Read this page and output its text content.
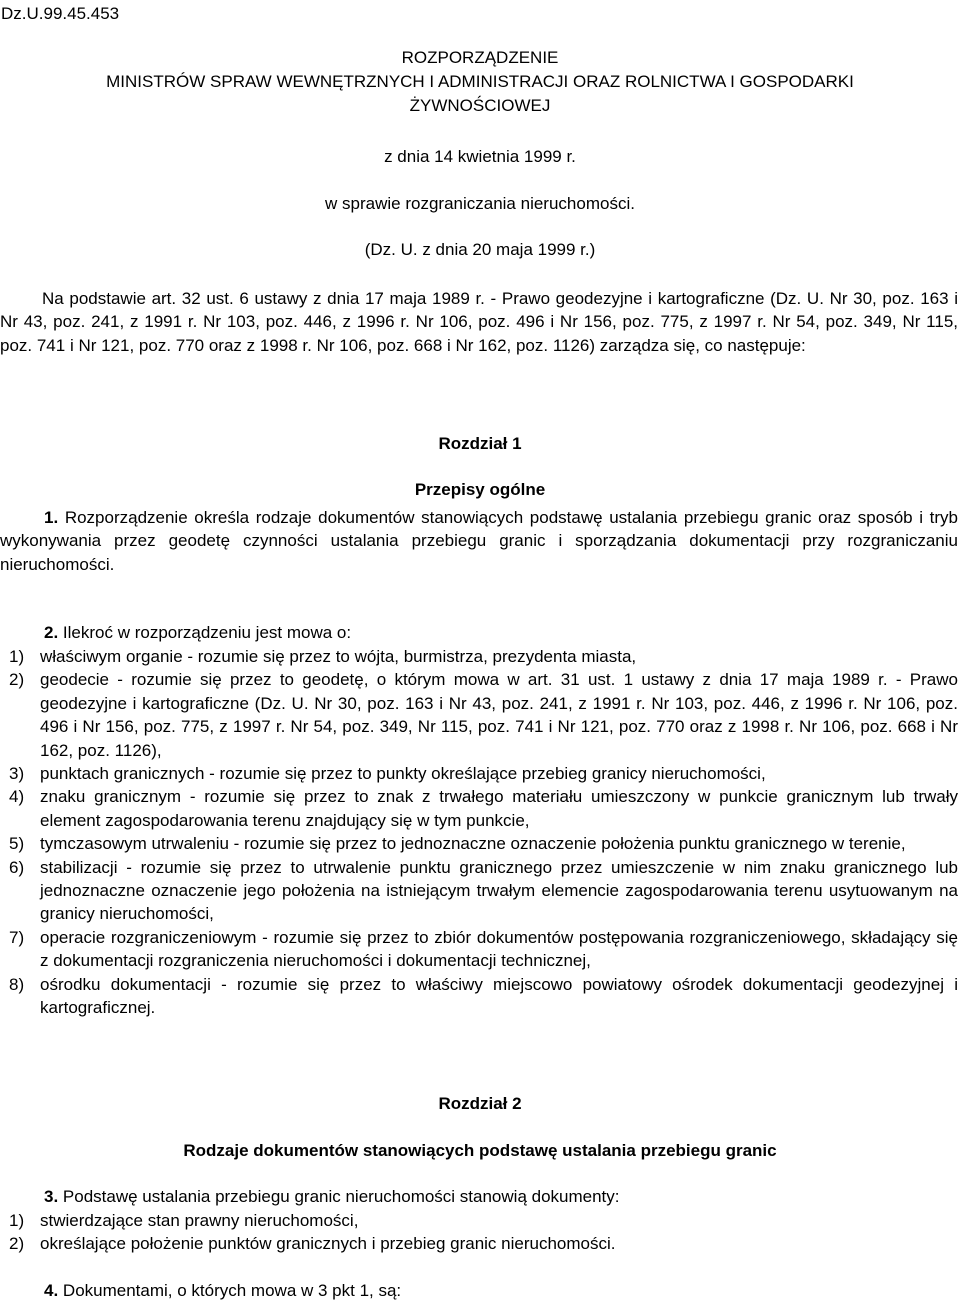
Dz.U.99.45.453
ROZPORZĄDZENIE
MINISTRÓW SPRAW WEWNĘTRZNYCH I ADMINISTRACJI ORAZ ROLNICTWA I GOSPODARKI
ŻYWNOŚCIOWEJ
z dnia 14 kwietnia 1999 r.
w sprawie rozgraniczania nieruchomości.
(Dz. U. z dnia 20 maja 1999 r.)
Na podstawie art. 32 ust. 6 ustawy z dnia 17 maja 1989 r. - Prawo geodezyjne i kartograficzne (Dz. U. Nr 30, poz. 163 i Nr 43, poz. 241, z 1991 r. Nr 103, poz. 446, z 1996 r. Nr 106, poz. 496 i Nr 156, poz. 775, z 1997 r. Nr 54, poz. 349, Nr 115, poz. 741 i Nr 121, poz. 770 oraz z 1998 r. Nr 106, poz. 668 i Nr 162, poz. 1126) zarządza się, co następuje:
Rozdział 1
Przepisy ogólne
1. Rozporządzenie określa rodzaje dokumentów stanowiących podstawę ustalania przebiegu granic oraz sposób i tryb wykonywania przez geodetę czynności ustalania przebiegu granic i sporządzania dokumentacji przy rozgraniczaniu nieruchomości.
2. Ilekroć w rozporządzeniu jest mowa o:
1) właściwym organie - rozumie się przez to wójta, burmistrza, prezydenta miasta,
2) geodecie - rozumie się przez to geodetę, o którym mowa w art. 31 ust. 1 ustawy z dnia 17 maja 1989 r. - Prawo geodezyjne i kartograficzne (Dz. U. Nr 30, poz. 163 i Nr 43, poz. 241, z 1991 r. Nr 103, poz. 446, z 1996 r. Nr 106, poz. 496 i Nr 156, poz. 775, z 1997 r. Nr 54, poz. 349, Nr 115, poz. 741 i Nr 121, poz. 770 oraz z 1998 r. Nr 106, poz. 668 i Nr 162, poz. 1126),
3) punktach granicznych - rozumie się przez to punkty określające przebieg granicy nieruchomości,
4) znaku granicznym - rozumie się przez to znak z trwałego materiału umieszczony w punkcie granicznym lub trwały element zagospodarowania terenu znajdujący się w tym punkcie,
5) tymczasowym utrwaleniu - rozumie się przez to jednoznaczne oznaczenie położenia punktu granicznego w terenie,
6) stabilizacji - rozumie się przez to utrwalenie punktu granicznego przez umieszczenie w nim znaku granicznego lub jednoznaczne oznaczenie jego położenia na istniejącym trwałym elemencie zagospodarowania terenu usytuowanym na granicy nieruchomości,
7) operacie rozgraniczeniowym - rozumie się przez to zbiór dokumentów postępowania rozgraniczeniowego, składający się z dokumentacji rozgraniczenia nieruchomości i dokumentacji technicznej,
8) ośrodku dokumentacji - rozumie się przez to właściwy miejscowo powiatowy ośrodek dokumentacji geodezyjnej i kartograficznej.
Rozdział 2
Rodzaje dokumentów stanowiących podstawę ustalania przebiegu granic
3. Podstawę ustalania przebiegu granic nieruchomości stanowią dokumenty:
1) stwierdzające stan prawny nieruchomości,
2) określające położenie punktów granicznych i przebieg granic nieruchomości.
4. Dokumentami, o których mowa w 3 pkt 1, są:
